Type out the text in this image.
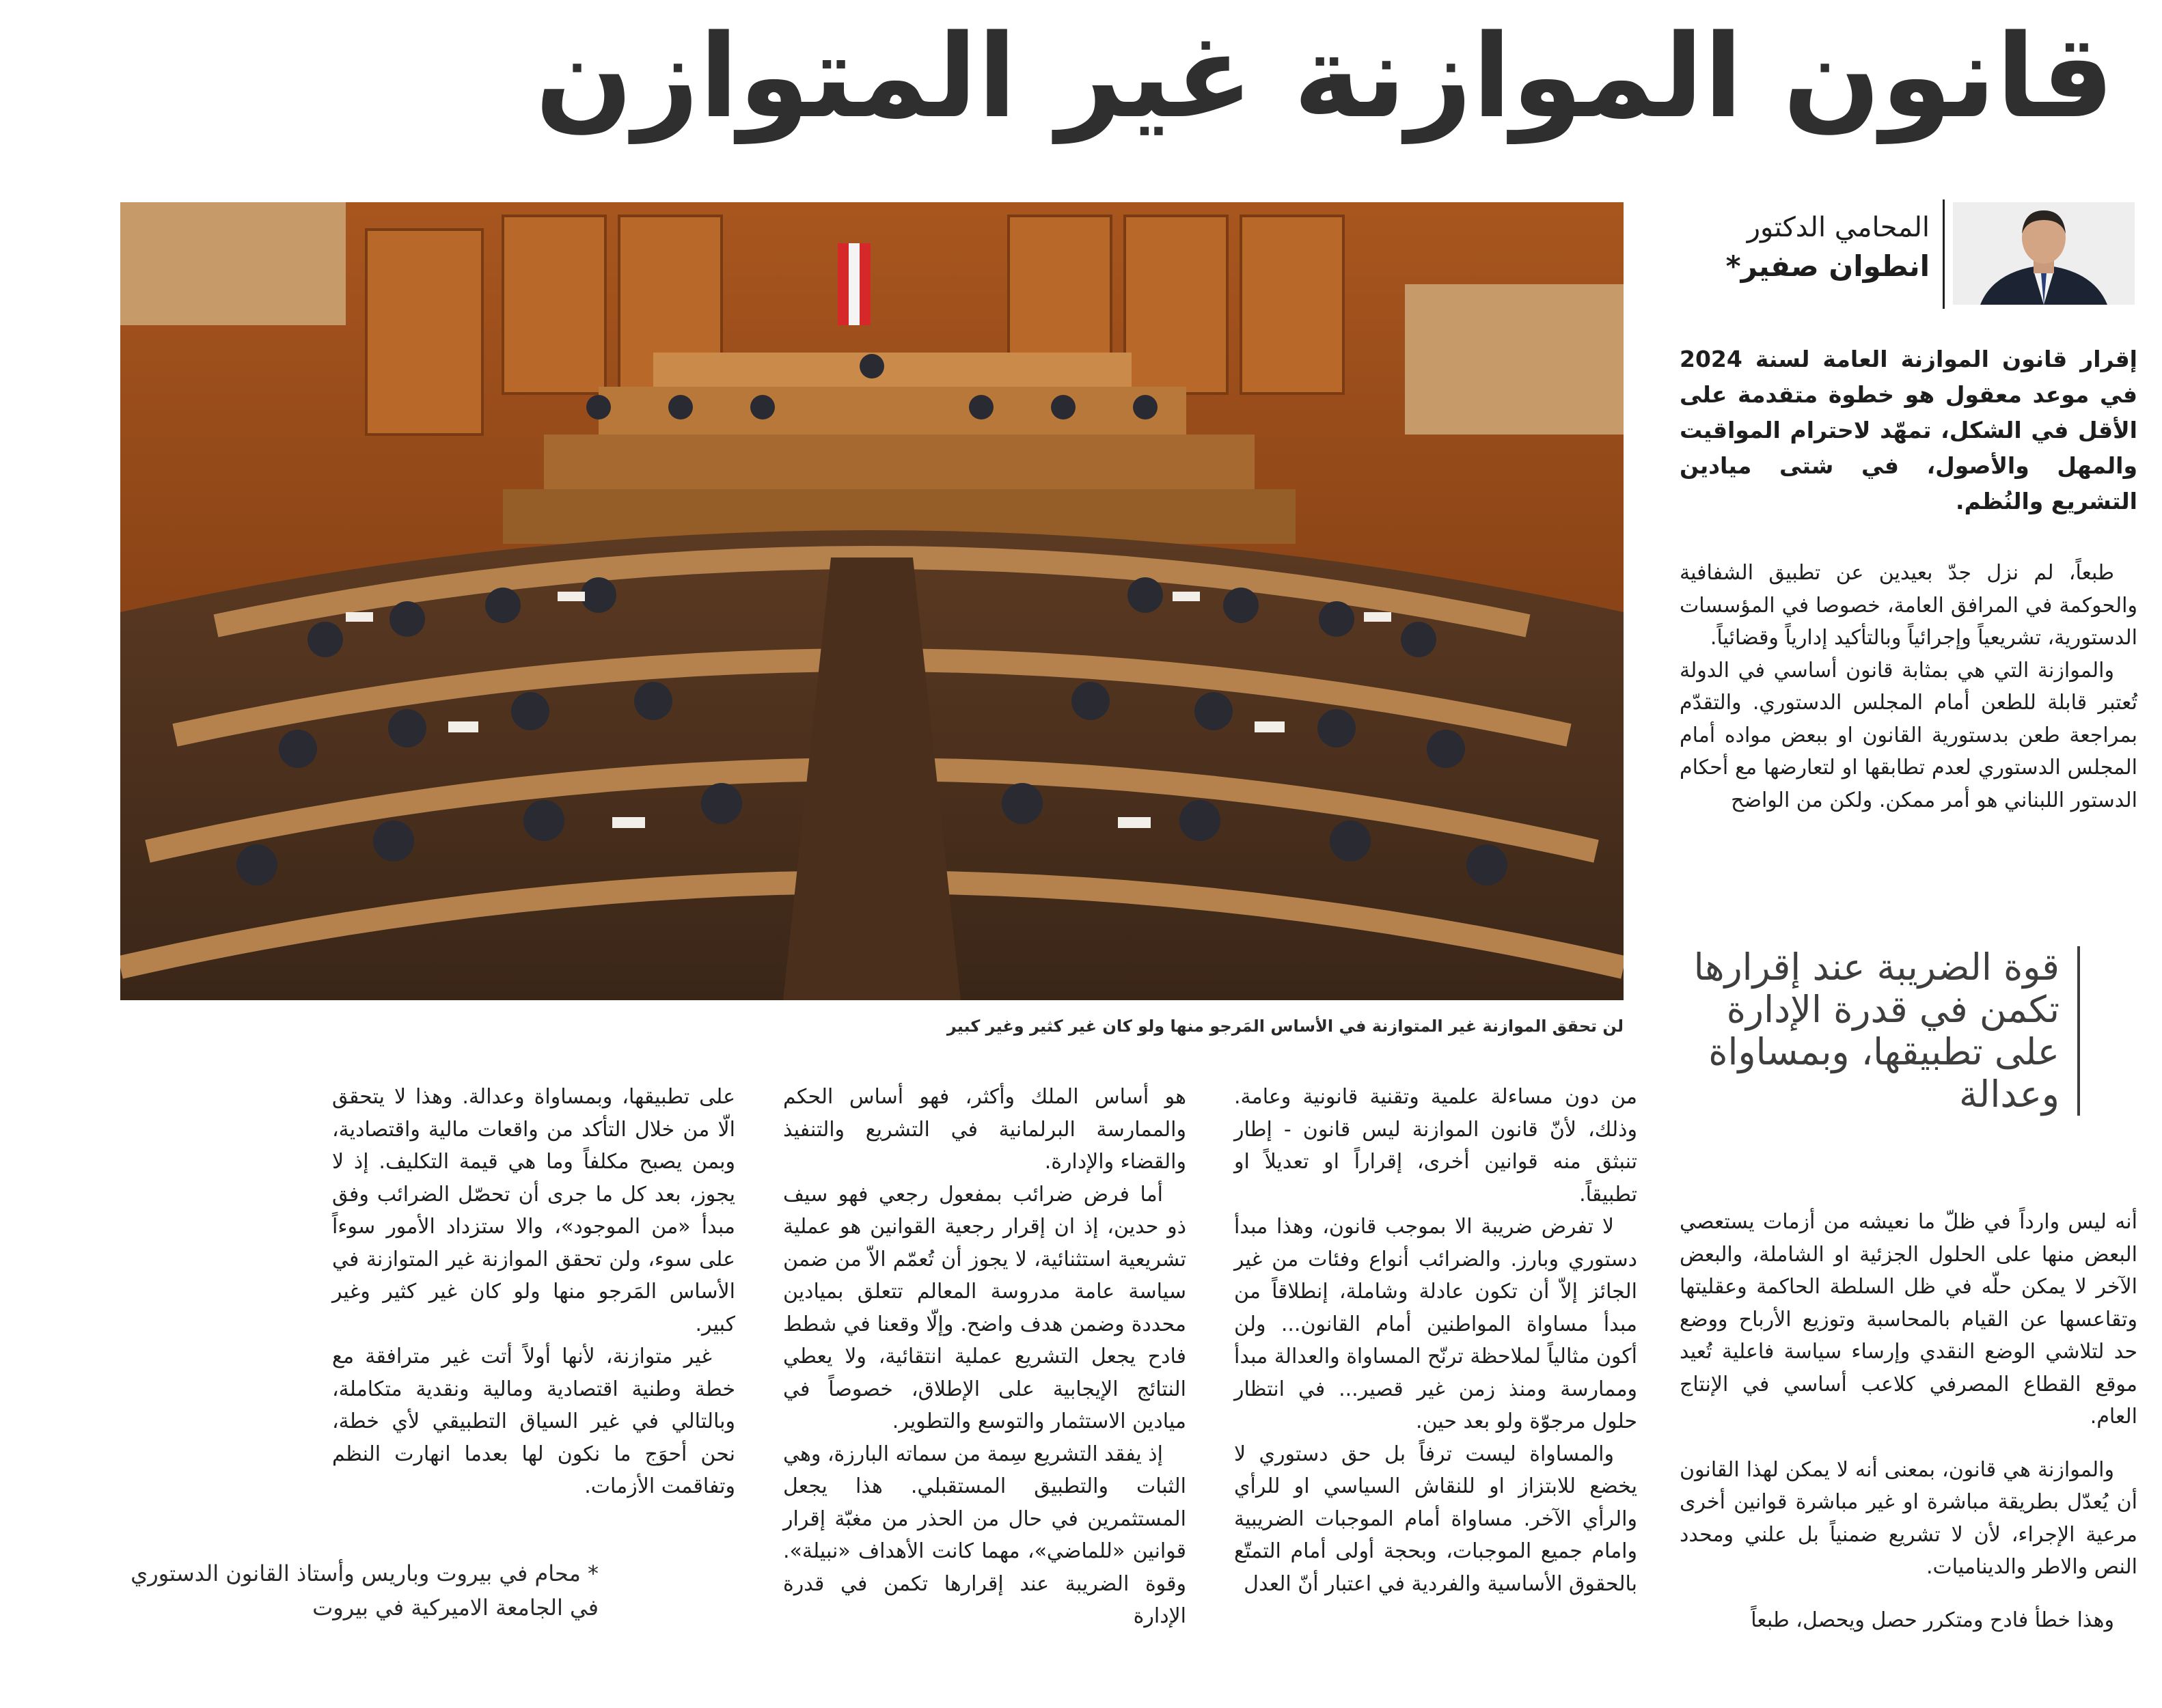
قانون الموازنة غير المتوازن
المحامي الدكتور
انطوان صفير*
إقرار قانون الموازنة العامة لسنة 2024 في موعد معقول هو خطوة متقدمة على الأقل في الشكل، تمهّد لاحترام المواقيت والمهل والأصول، في شتى ميادين التشريع والنُظم.

طبعاً، لم نزل جدّ بعيدين عن تطبيق الشفافية والحوكمة في المرافق العامة، خصوصا في المؤسسات الدستورية، تشريعياً وإجرائياً وبالتأكيد إدارياً وقضائياً.

والموازنة التي هي بمثابة قانون أساسي في الدولة تُعتبر قابلة للطعن أمام المجلس الدستوري. والتقدّم بمراجعة طعن بدستورية القانون او ببعض مواده أمام المجلس الدستوري لعدم تطابقها او لتعارضها مع أحكام الدستور اللبناني هو أمر ممكن. ولكن من الواضح

قوة الضريبة عند إقرارها تكمن في قدرة الإدارة على تطبيقها، وبمساواة وعدالة

أنه ليس وارداً في ظلّ ما نعيشه من أزمات يستعصي البعض منها على الحلول الجزئية او الشاملة، والبعض الآخر لا يمكن حلّه في ظل السلطة الحاكمة وعقليتها وتقاعسها عن القيام بالمحاسبة وتوزيع الأرباح ووضع حد لتلاشي الوضع النقدي وإرساء سياسة فاعلية تُعيد موقع القطاع المصرفي كلاعب أساسي في الإنتاج العام.

والموازنة هي قانون، بمعنى أنه لا يمكن لهذا القانون أن يُعدّل بطريقة مباشرة او غير مباشرة قوانين أخرى مرعية الإجراء، لأن لا تشريع ضمنياً بل علني ومحدد النص والاطر والديناميات.

وهذا خطأ فادح ومتكرر حصل ويحصل، طبعاً

لن تحقق الموازنة غير المتوازنة في الأساس المَرجو منها ولو كان غير كثير وغير كبير

من دون مساءلة علمية وتقنية قانونية وعامة. وذلك، لأنّ قانون الموازنة ليس قانون - إطار تنبثق منه قوانين أخرى، إقراراً او تعديلاً او تطبيقاً.

لا تفرض ضريبة الا بموجب قانون، وهذا مبدأ دستوري وبارز. والضرائب أنواع وفئات من غير الجائز إلاّ أن تكون عادلة وشاملة، إنطلاقاً من مبدأ مساواة المواطنين أمام القانون... ولن أكون مثالياً لملاحظة ترنّح المساواة والعدالة مبدأ وممارسة ومنذ زمن غير قصير... في انتظار حلول مرجوّة ولو بعد حين.

والمساواة ليست ترفاً بل حق دستوري لا يخضع للابتزاز او للنقاش السياسي او للرأي والرأي الآخر. مساواة أمام الموجبات الضريبية وامام جميع الموجبات، وبحجة أولى أمام التمتّع بالحقوق الأساسية والفردية في اعتبار أنّ العدل

هو أساس الملك وأكثر، فهو أساس الحكم والممارسة البرلمانية في التشريع والتنفيذ والقضاء والإدارة.

أما فرض ضرائب بمفعول رجعي فهو سيف ذو حدين، إذ ان إقرار رجعية القوانين هو عملية تشريعية استثنائية، لا يجوز أن تُعمّم الاّ من ضمن سياسة عامة مدروسة المعالم تتعلق بميادين محددة وضمن هدف واضح. وإلّا وقعنا في شطط فادح يجعل التشريع عملية انتقائية، ولا يعطي النتائج الإيجابية على الإطلاق، خصوصاً في ميادين الاستثمار والتوسع والتطوير.

إذ يفقد التشريع سِمة من سماته البارزة، وهي الثبات والتطبيق المستقبلي. هذا يجعل المستثمرين في حال من الحذر من مغبّة إقرار قوانين «للماضي»، مهما كانت الأهداف «نبيلة». وقوة الضريبة عند إقرارها تكمن في قدرة الإدارة

على تطبيقها، وبمساواة وعدالة. وهذا لا يتحقق الّا من خلال التأكد من واقعات مالية واقتصادية، وبمن يصبح مكلفاً وما هي قيمة التكليف. إذ لا يجوز، بعد كل ما جرى أن تحصّل الضرائب وفق مبدأ «من الموجود»، والا ستزداد الأمور سوءاً على سوء، ولن تحقق الموازنة غير المتوازنة في الأساس المَرجو منها ولو كان غير كثير وغير كبير.

غير متوازنة، لأنها أولاً أتت غير مترافقة مع خطة وطنية اقتصادية ومالية ونقدية متكاملة، وبالتالي في غير السياق التطبيقي لأي خطة، نحن أحوَج ما نكون لها بعدما انهارت النظم وتفاقمت الأزمات.

* محام في بيروت وباريس وأستاذ القانون الدستوري في الجامعة الاميركية في بيروت
